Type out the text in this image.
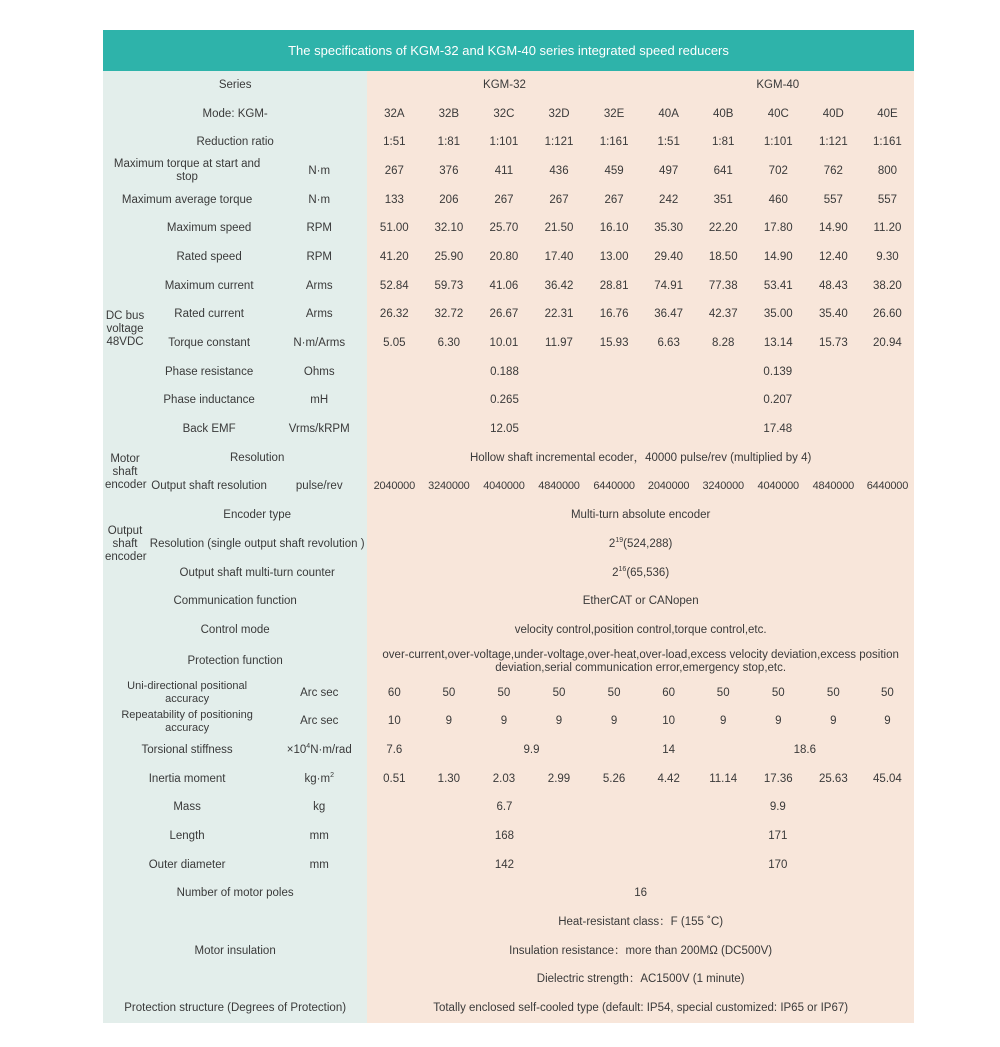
The specifications of KGM-32 and KGM-40 series integrated speed reducers
Series			KGM-32					KGM-40				
Mode: KGM-			32A	32B	32C	32D	32E	40A	40B	40C	40D	40E
Reduction ratio			1:51	1:81	1:101	1:121	1:161	1:51	1:81	1:101	1:121	1:161
Maximum torque at start and stop		N·m	267	376	411	436	459	497	641	702	762	800
Maximum average torque		N·m	133	206	267	267	267	242	351	460	557	557
DC bus voltage 48VDC	Maximum speed	RPM	51.00	32.10	25.70	21.50	16.10	35.30	22.20	17.80	14.90	11.20
	Rated speed	RPM	41.20	25.90	20.80	17.40	13.00	29.40	18.50	14.90	12.40	9.30
	Maximum current	Arms	52.84	59.73	41.06	36.42	28.81	74.91	77.38	53.41	48.43	38.20
	Rated current	Arms	26.32	32.72	26.67	22.31	16.76	36.47	42.37	35.00	35.40	26.60
	Torque constant	N·m/Arms	5.05	6.30	10.01	11.97	15.93	6.63	8.28	13.14	15.73	20.94
	Phase resistance	Ohms	0.188					0.139				
	Phase inductance	mH	0.265					0.207				
	Back EMF	Vrms/kRPM	12.05					17.48				
Motor shaft encoder	Resolution		Hollow shaft incremental ecoder，40000 pulse/rev (multiplied by 4)									
	Output shaft resolution	pulse/rev	2040000	3240000	4040000	4840000	6440000	2040000	3240000	4040000	4840000	6440000
Output shaft encoder	Encoder type		Multi-turn absolute encoder									
	Resolution (single output shaft revolution )		$2^{19}(524,288)$									
	Output shaft multi-turn counter		$2^{16}(65,536)$									
Communication function			EtherCAT or CANopen									
Control mode			velocity control,position control,torque control,etc.									
Protection function			over-current,over-voltage,under-voltage,over-heat,over-load,excess velocity deviation,excess position deviation,serial communication error,emergency stop,etc.									
Uni-directional positional accuracy		Arc sec	60	50	50	50	50	60	50	50	50	50
Repeatability of positioning accuracy		Arc sec	10	9	9	9	9	10	9	9	9	9
Torsional stiffness		$\times 10^4N\cdot m$/rad	7.6	9.9				14	18.6			
Inertia moment		$kg\cdot m^2$	0.51	1.30	2.03	2.99	5.26	4.42	11.14	17.36	25.63	45.04
Mass		kg	6.7					9.9				
Length		mm	168					171				
Outer diameter		mm	142					170				
Number of motor poles			16									
Motor insulation			Heat-resistant class：F (155 ˚C)									
			Insulation resistance：more than 200MΩ (DC500V)									
			Dielectric strength：AC1500V (1 minute)									
Protection structure (Degrees of Protection)			Totally enclosed self-cooled type (default: IP54, special customized: IP65 or IP67)									
